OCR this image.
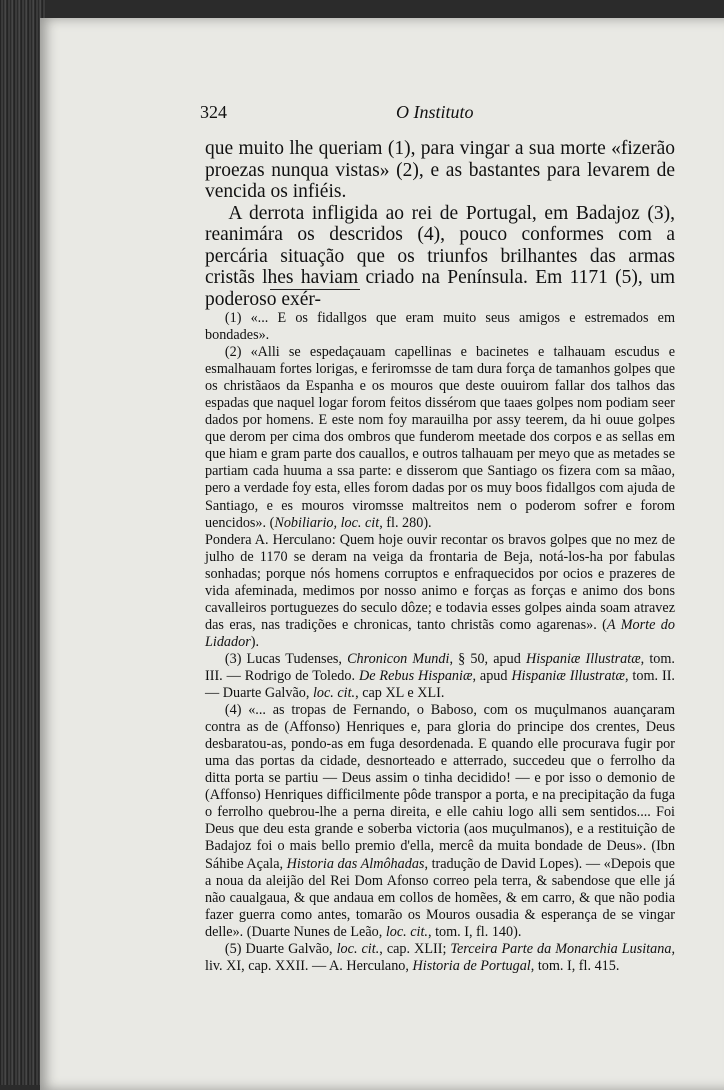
324	O Instituto

que muito lhe queriam (1), para vingar a sua morte «fizerão proezas nunqua vistas» (2), e as bastantes para levarem de vencida os infiéis.

A derrota infligida ao rei de Portugal, em Badajoz (3), reanimára os descridos (4), pouco conformes com a percária situação que os triunfos brilhantes das armas cristãs lhes haviam criado na Península. Em 1171 (5), um poderoso exér-

(1) «... E os fidallgos que eram muito seus amigos e estremados em bondades».

(2) «Alli se espedaçauam capellinas e bacinetes e talhauam escudus e esmalhauam fortes lorigas, e feriromsse de tam dura força de tamanhos golpes que os christãaos da Espanha e os mouros que deste ouuirom fallar dos talhos das espadas que naquel logar forom feitos dissérom que taaes golpes nom podiam seer dados por homens. E este nom foy marauilha por assy teerem, da hi ouue golpes que derom per cima dos ombros que funderom meetade dos corpos e as sellas em que hiam e gram parte dos cauallos, e outros talhauam per meyo que as metades se partiam cada huuma a ssa parte: e disserom que Santiago os fizera com sa mãao, pero a verdade foy esta, elles forom dadas por os muy boos fidallgos com ajuda de Santiago, e es mouros viromsse maltreitos nem o poderom sofrer e forom uencidos». (Nobiliario, loc. cit, fl. 280).

Pondera A. Herculano: Quem hoje ouvir recontar os bravos golpes que no mez de julho de 1170 se deram na veiga da frontaria de Beja, notá-los-ha por fabulas sonhadas; porque nós homens corruptos e enfraquecidos por ocios e prazeres de vida afeminada, medimos por nosso animo e forças as forças e animo dos bons cavalleiros portuguezes do seculo dôze; e todavia esses golpes ainda soam atravez das eras, nas tradições e chronicas, tanto christãs como agarenas». (A Morte do Lidador).

(3) Lucas Tudenses, Chronicon Mundi, § 50, apud Hispaniæ Illustratæ, tom. III. — Rodrigo de Toledo. De Rebus Hispaniæ, apud Hispaniæ Illustratæ, tom. II. — Duarte Galvão, loc. cit., cap XL e XLI.

(4) «... as tropas de Fernando, o Baboso, com os muçulmanos auançaram contra as de (Affonso) Henriques e, para gloria do principe dos crentes, Deus desbaratou-as, pondo-as em fuga desordenada. E quando elle procurava fugir por uma das portas da cidade, desnorteado e atterrado, succedeu que o ferrolho da ditta porta se partiu — Deus assim o tinha decidido! — e por isso o demonio de (Affonso) Henriques difficilmente pôde transpor a porta, e na precipitação da fuga o ferrolho quebrou-lhe a perna direita, e elle cahiu logo alli sem sentidos.... Foi Deus que deu esta grande e soberba victoria (aos muçulmanos), e a restituição de Badajoz foi o mais bello premio d'ella, mercê da muita bondade de Deus». (Ibn Sáhibe Açala, Historia das Almôhadas, tradução de David Lopes). — «Depois que a noua da aleijão del Rei Dom Afonso correo pela terra, & sabendose que elle já não caualgaua, & que andaua em collos de homẽes, & em carro, & que não podia fazer guerra como antes, tomarão os Mouros ousadia & esperança de se vingar delle». (Duarte Nunes de Leão, loc. cit., tom. I, fl. 140).

(5) Duarte Galvão, loc. cit., cap. XLII; Terceira Parte da Monarchia Lusitana, liv. XI, cap. XXII. — A. Herculano, Historia de Portugal, tom. I, fl. 415.
